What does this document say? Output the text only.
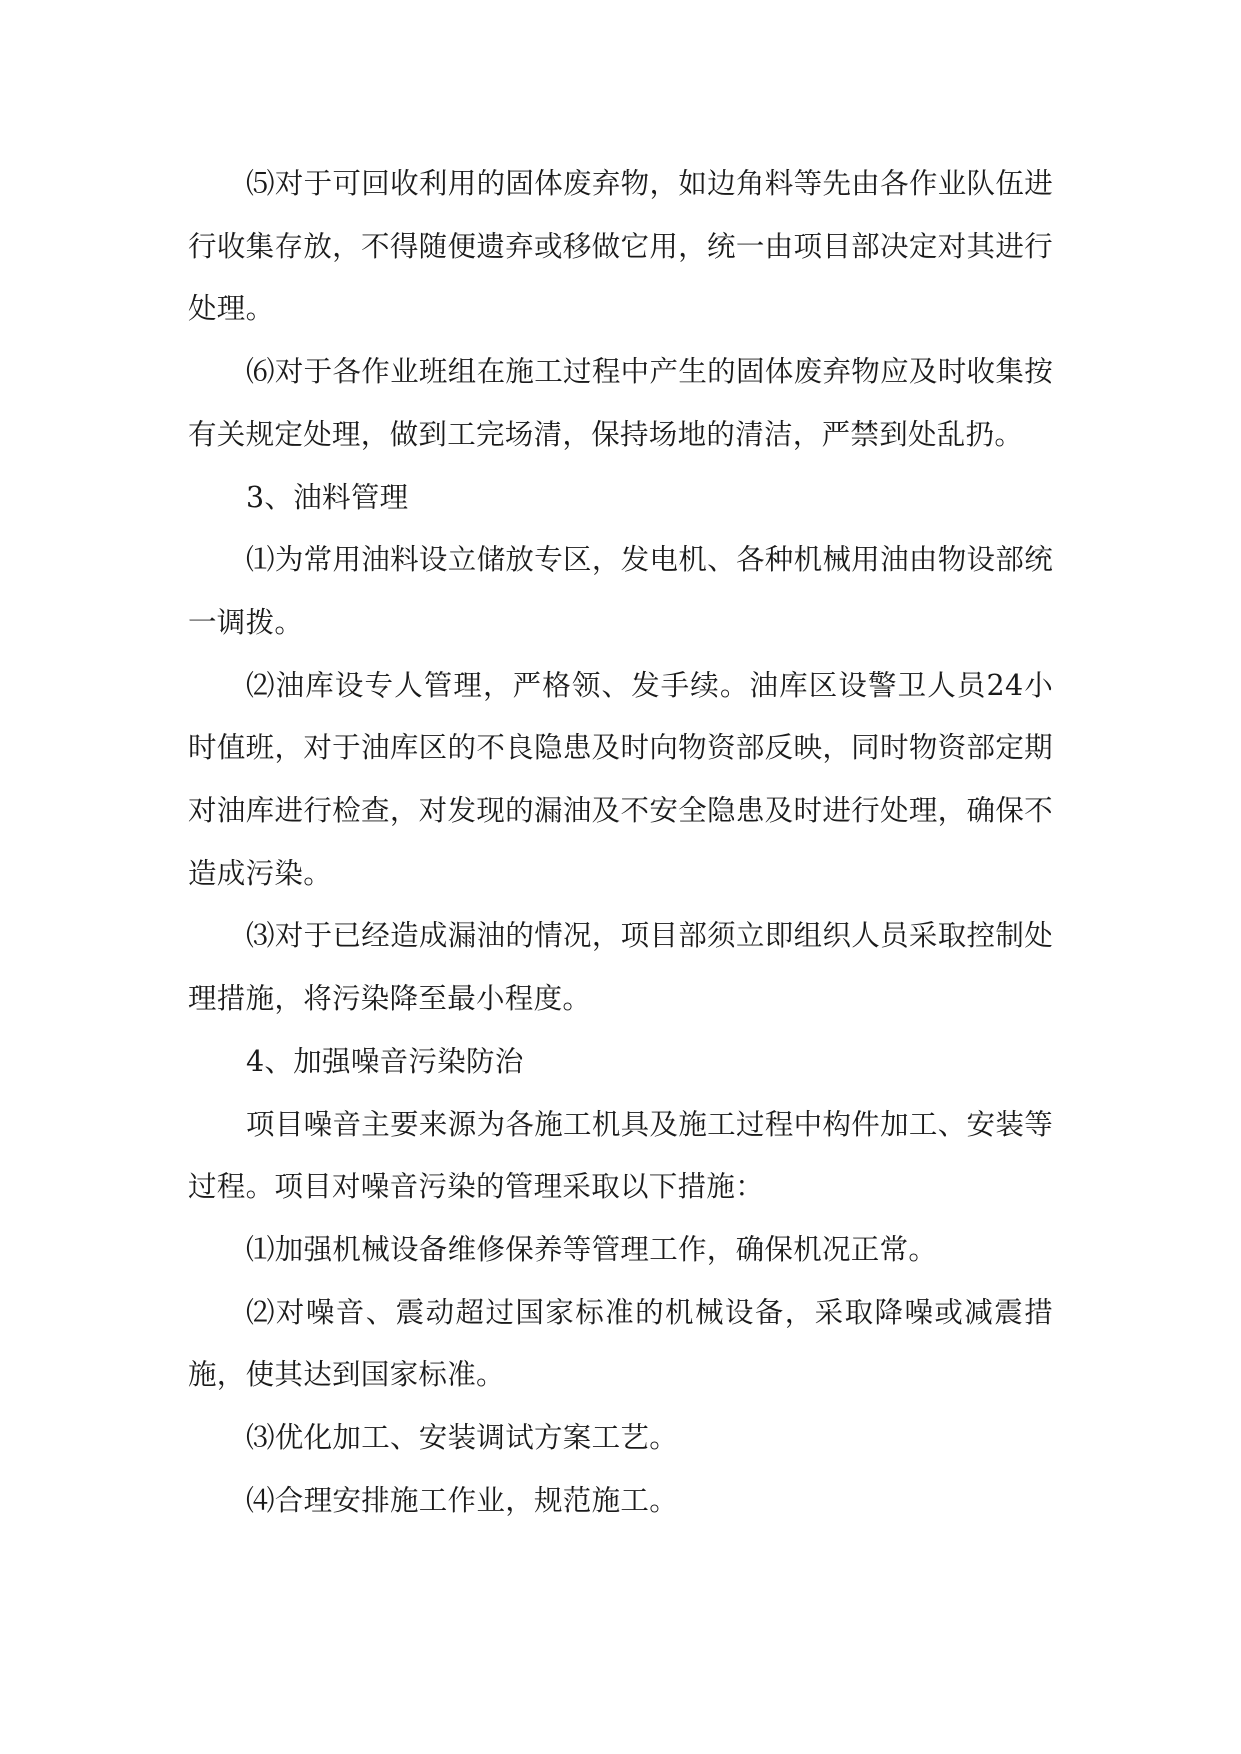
⑸对于可回收利用的固体废弃物，如边角料等先由各作业队伍进行收集存放，不得随便遗弃或移做它用，统一由项目部决定对其进行处理。

⑹对于各作业班组在施工过程中产生的固体废弃物应及时收集按有关规定处理，做到工完场清，保持场地的清洁，严禁到处乱扔。

3、油料管理

⑴为常用油料设立储放专区，发电机、各种机械用油由物设部统一调拨。

⑵油库设专人管理，严格领、发手续。油库区设警卫人员24小时值班，对于油库区的不良隐患及时向物资部反映，同时物资部定期对油库进行检查，对发现的漏油及不安全隐患及时进行处理，确保不造成污染。

⑶对于已经造成漏油的情况，项目部须立即组织人员采取控制处理措施，将污染降至最小程度。

4、加强噪音污染防治

项目噪音主要来源为各施工机具及施工过程中构件加工、安装等过程。项目对噪音污染的管理采取以下措施：

⑴加强机械设备维修保养等管理工作，确保机况正常。

⑵对噪音、震动超过国家标准的机械设备，采取降噪或减震措施，使其达到国家标准。

⑶优化加工、安装调试方案工艺。

⑷合理安排施工作业，规范施工。
